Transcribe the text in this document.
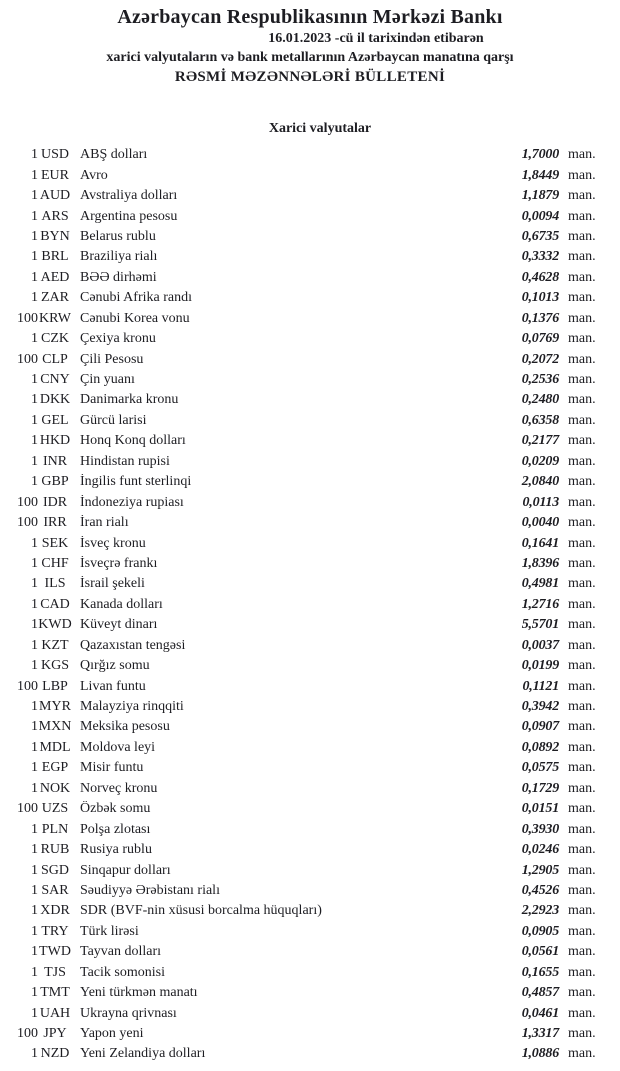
Azərbaycan Respublikasının Mərkəzi Bankı
16.01.2023 -cü il tarixindən etibarən
xarici valyutaların və bank metallarının Azərbaycan manatına qarşı
RƏSMİ MƏZƏNNƏLƏRİ BÜLLETENİ
Xarici valyutalar
1 USD ABŞ dolları	1,7000 man.
1 EUR Avro	1,8449 man.
1 AUD Avstraliya dolları	1,1879 man.
1 ARS Argentina pesosu	0,0094 man.
1 BYN Belarus rublu	0,6735 man.
1 BRL Braziliya rialı	0,3332 man.
1 AED BƏƏ dirhəmi	0,4628 man.
1 ZAR Cənubi Afrika randı	0,1013 man.
100 KRW Cənubi Korea vonu	0,1376 man.
1 CZK Çexiya kronu	0,0769 man.
100 CLP Çili Pesosu	0,2072 man.
1 CNY Çin yuanı	0,2536 man.
1 DKK Danimarka kronu	0,2480 man.
1 GEL Gürcü larisi	0,6358 man.
1 HKD Honq Konq dolları	0,2177 man.
1 INR Hindistan rupisi	0,0209 man.
1 GBP İngilis funt sterlinqi	2,0840 man.
100 IDR İndoneziya rupiası	0,0113 man.
100 IRR İran rialı	0,0040 man.
1 SEK İsveç kronu	0,1641 man.
1 CHF İsveçrə frankı	1,8396 man.
1 ILS	İsrail şekeli	0,4981 man.
1 CAD Kanada dolları	1,2716 man.
1 KWD Küveyt dinarı	5,5701 man.
1 KZT Qazaxıstan tengəsi	0,0037 man.
1 KGS Qırğız somu	0,0199 man.
100 LBP Livan funtu	0,1121 man.
1 MYR Malayziya rinqqiti	0,3942 man.
1 MXN Meksika pesosu	0,0907 man.
1 MDL Moldova leyi	0,0892 man.
1 EGP Misir funtu	0,0575 man.
1 NOK Norveç kronu	0,1729 man.
100 UZS Özbək somu	0,0151 man.
1 PLN Polşa zlotası	0,3930 man.
1 RUB Rusiya rublu	0,0246 man.
1 SGD Sinqapur dolları	1,2905 man.
1 SAR Səudiyyə Ərəbistanı rialı	0,4526 man.
1 XDR SDR (BVF-nin xüsusi borcalma hüquqları)	2,2923 man.
1 TRY Türk lirəsi	0,0905 man.
1 TWD Tayvan dolları	0,0561 man.
1 TJS	Tacik somonisi	0,1655 man.
1 TMT Yeni türkmən manatı	0,4857 man.
1 UAH Ukrayna qrivnası	0,0461 man.
100 JPY Yapon yeni	1,3317 man.
1 NZD Yeni Zelandiya dolları	1,0886 man.
